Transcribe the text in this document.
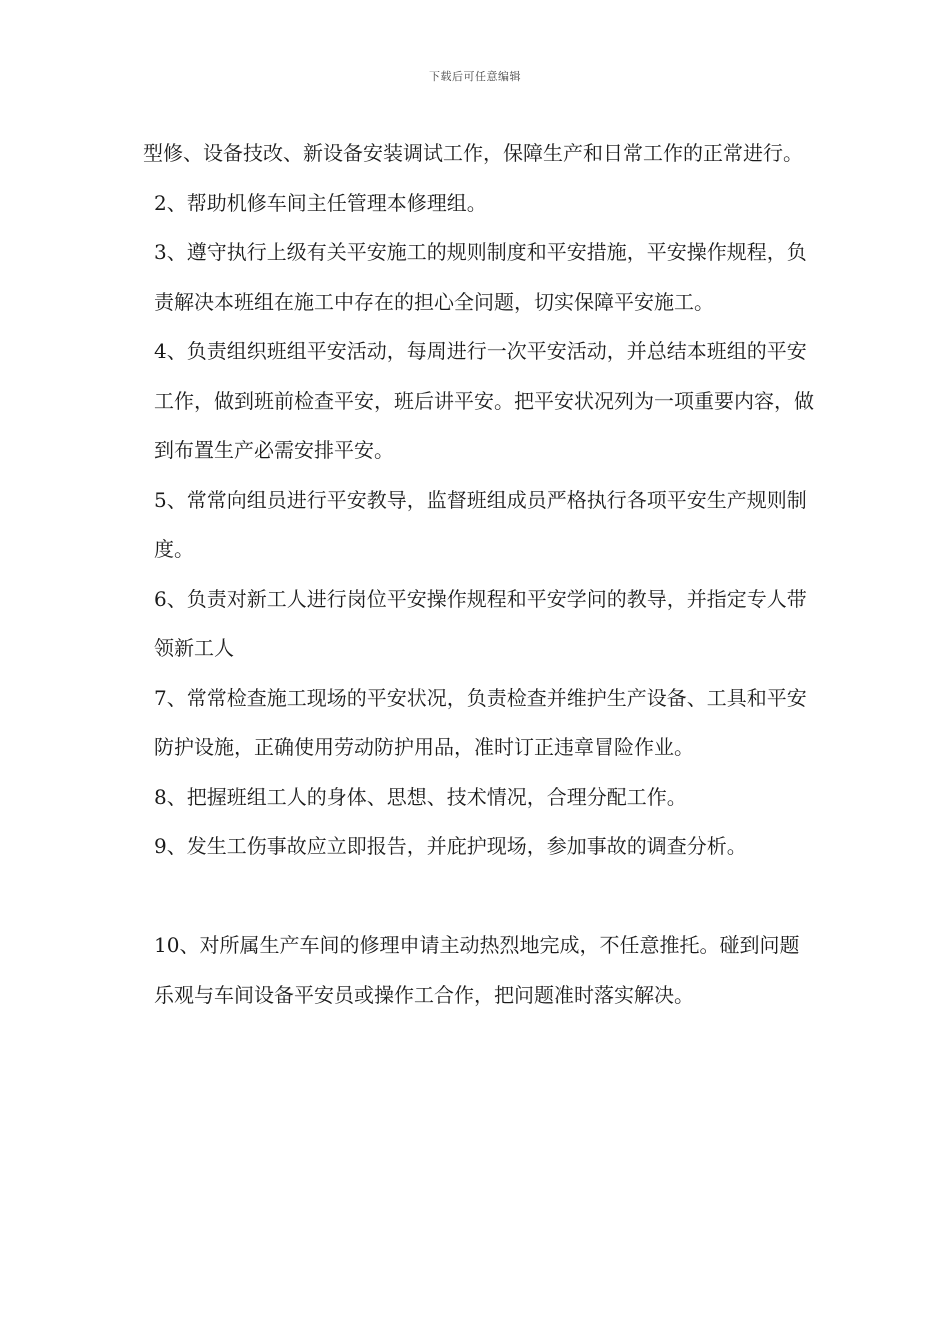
下载后可任意编辑

型修、设备技改、新设备安装调试工作，保障生产和日常工作的正常进行。

2、帮助机修车间主任管理本修理组。

3、遵守执行上级有关平安施工的规则制度和平安措施，平安操作规程，负责解决本班组在施工中存在的担心全问题，切实保障平安施工。

4、负责组织班组平安活动，每周进行一次平安活动，并总结本班组的平安工作，做到班前检查平安，班后讲平安。把平安状况列为一项重要内容，做到布置生产必需安排平安。

5、常常向组员进行平安教导，监督班组成员严格执行各项平安生产规则制度。

6、负责对新工人进行岗位平安操作规程和平安学问的教导，并指定专人带领新工人

7、常常检查施工现场的平安状况，负责检查并维护生产设备、工具和平安防护设施，正确使用劳动防护用品，准时订正违章冒险作业。

8、把握班组工人的身体、思想、技术情况，合理分配工作。

9、发生工伤事故应立即报告，并庇护现场，参加事故的调查分析。

10、对所属生产车间的修理申请主动热烈地完成，不任意推托。碰到问题乐观与车间设备平安员或操作工合作，把问题准时落实解决。
